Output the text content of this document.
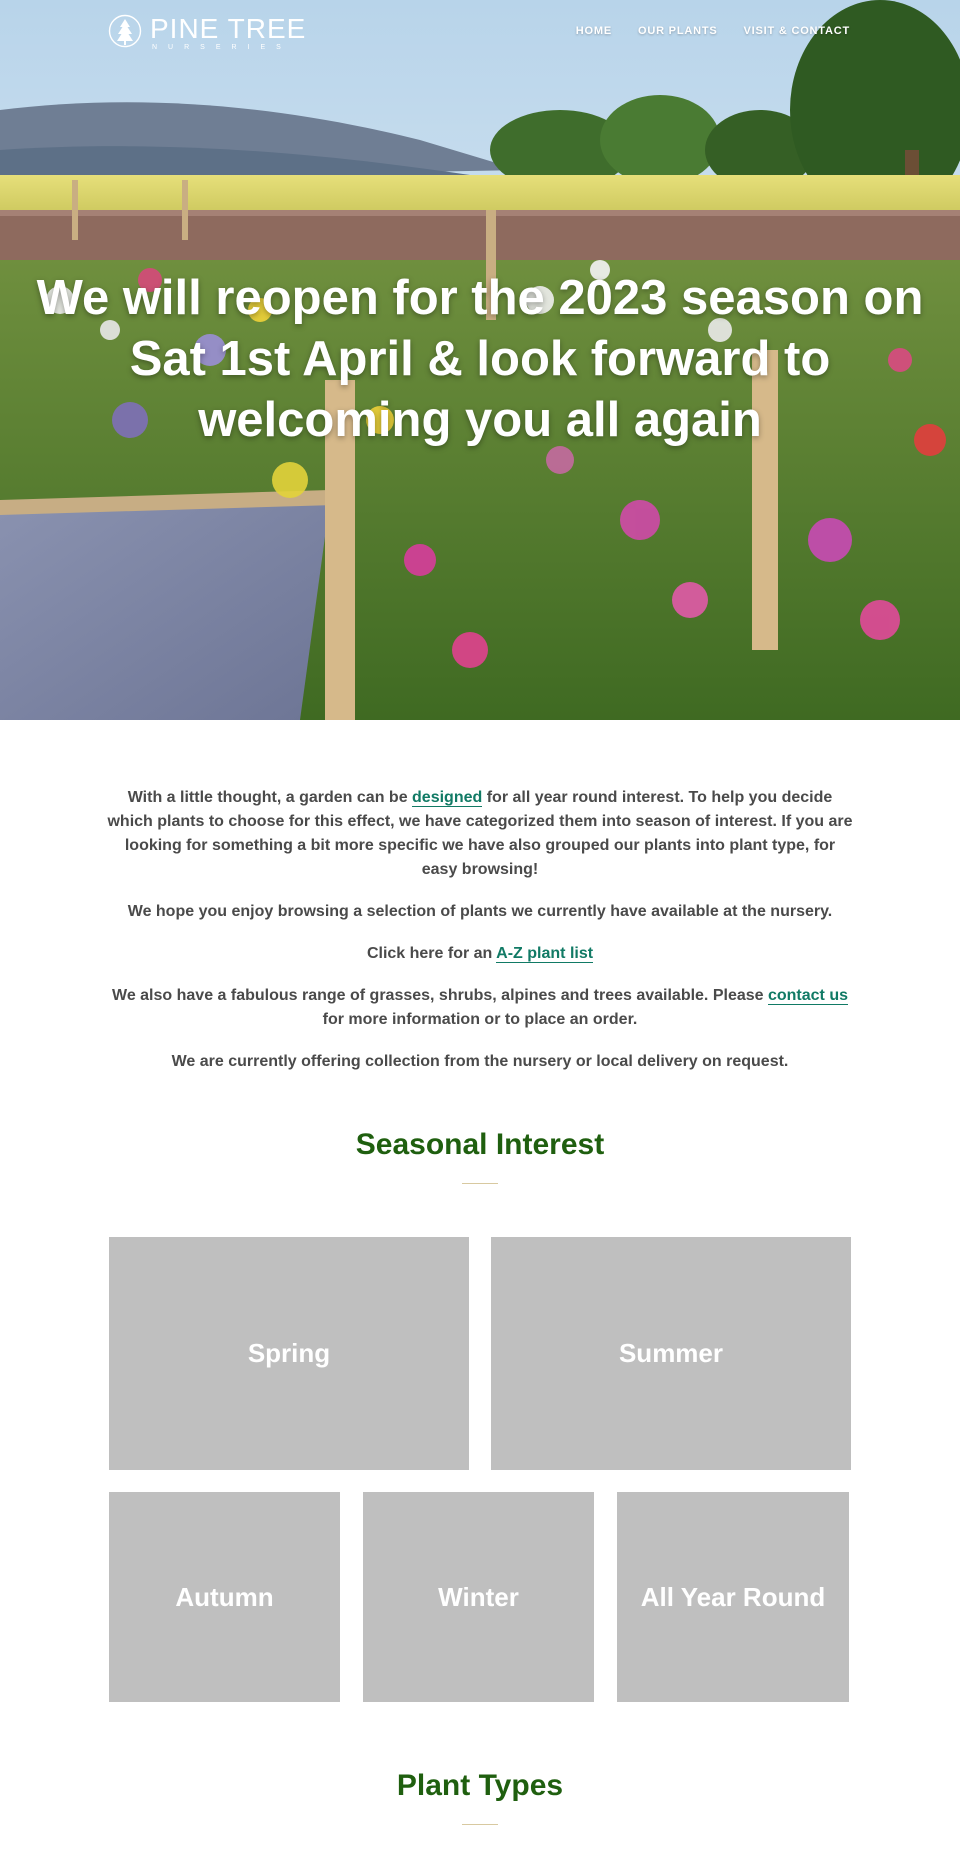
PINE TREE
NURSERIES
HOME OUR PLANTS VISIT & CONTACT
We will reopen for the 2023 season on Sat 1st April & look forward to welcoming you all again

With a little thought, a garden can be designed for all year round interest. To help you decide which plants to choose for this effect, we have categorized them into season of interest. If you are looking for something a bit more specific we have also grouped our plants into plant type, for easy browsing!

We hope you enjoy browsing a selection of plants we currently have available at the nursery.

Click here for an A-Z plant list

We also have a fabulous range of grasses, shrubs, alpines and trees available. Please contact us for more information or to place an order.

We are currently offering collection from the nursery or local delivery on request.

Seasonal Interest
Spring	Summer
Autumn	Winter	All Year Round
Plant Types
